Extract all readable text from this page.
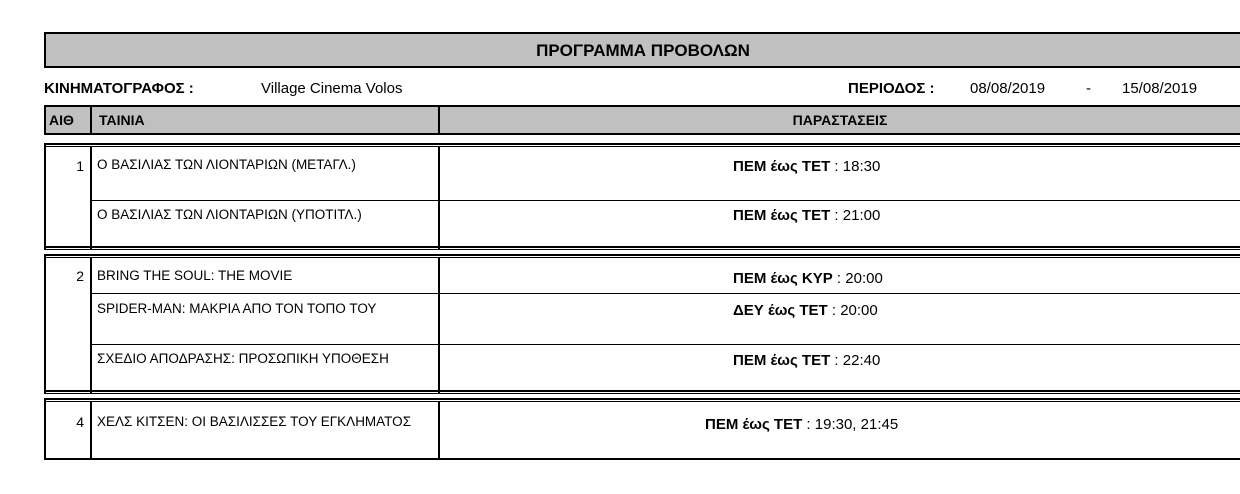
ΠΡΟΓΡΑΜΜΑ ΠΡΟΒΟΛΩΝ
ΚΙΝΗΜΑΤΟΓΡΑΦΟΣ :	Village Cinema Volos	ΠΕΡΙΟΔΟΣ : 08/08/2019	- 15/08/2019
ΑΙΘ ΤΑΙΝΙΑ	ΠΑΡΑΣΤΑΣΕΙΣ
1 Ο ΒΑΣΙΛΙΑΣ ΤΩΝ ΛΙΟΝΤΑΡΙΩΝ (ΜΕΤΑΓΛ.)	ΠΕΜ έως ΤΕΤ : 18:30
Ο ΒΑΣΙΛΙΑΣ ΤΩΝ ΛΙΟΝΤΑΡΙΩΝ (ΥΠΟΤΙΤΛ.)	ΠΕΜ έως ΤΕΤ : 21:00
2 BRING THE SOUL: THE MOVIE	ΠΕΜ έως ΚΥΡ : 20:00
SPIDER-MAN: ΜΑΚΡΙΑ ΑΠΟ ΤΟΝ ΤΟΠΟ ΤΟΥ	ΔΕΥ έως ΤΕΤ : 20:00
ΣΧΕΔΙΟ ΑΠΟΔΡΑΣΗΣ: ΠΡΟΣΩΠΙΚΗ ΥΠΟΘΕΣΗ	ΠΕΜ έως ΤΕΤ : 22:40
4 ΧΕΛΣ ΚΙΤΣΕΝ: ΟΙ ΒΑΣΙΛΙΣΣΕΣ ΤΟΥ ΕΓΚΛΗΜΑΤΟΣ	ΠΕΜ έως ΤΕΤ : 19:30, 21:45
